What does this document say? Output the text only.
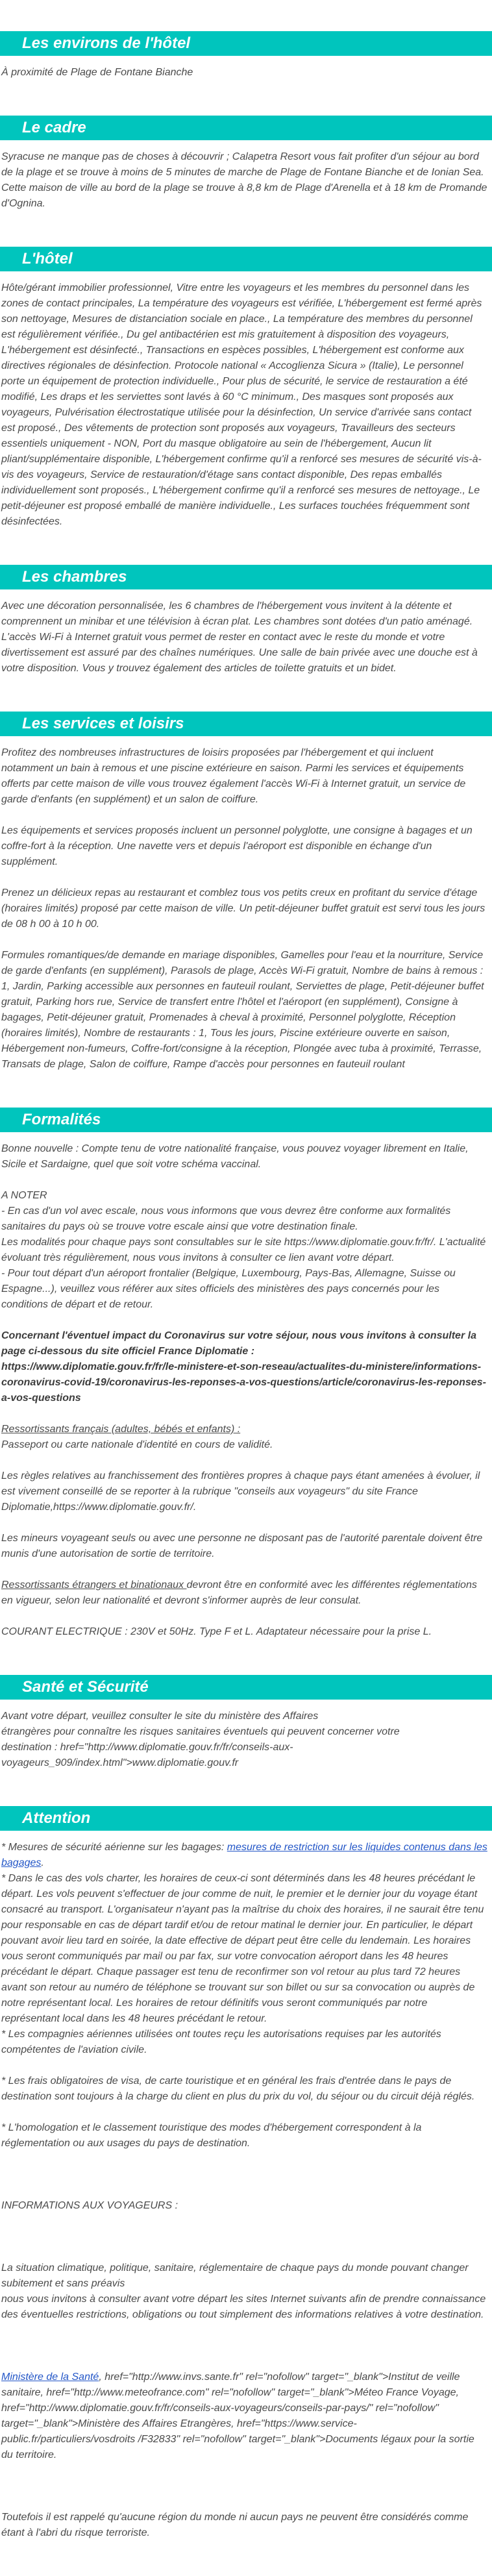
Les environs de l'hôtel

À proximité de Plage de Fontane Bianche

Le cadre

Syracuse ne manque pas de choses à découvrir ; Calapetra Resort vous fait profiter d'un séjour au bord de la plage et se trouve à moins de 5 minutes de marche de Plage de Fontane Bianche et de Ionian Sea. Cette maison de ville au bord de la plage se trouve à 8,8 km de Plage d'Arenella et à 18 km de Promande d'Ognina.

L'hôtel

Hôte/gérant immobilier professionnel, Vitre entre les voyageurs et les membres du personnel dans les zones de contact principales, La température des voyageurs est vérifiée, L'hébergement est fermé après son nettoyage, Mesures de distanciation sociale en place., La température des membres du personnel est régulièrement vérifiée., Du gel antibactérien est mis gratuitement à disposition des voyageurs, L'hébergement est désinfecté., Transactions en espèces possibles, L'hébergement est conforme aux directives régionales de désinfection. Protocole national « Accoglienza Sicura » (Italie), Le personnel porte un équipement de protection individuelle., Pour plus de sécurité, le service de restauration a été modifié, Les draps et les serviettes sont lavés à 60 °C minimum., Des masques sont proposés aux voyageurs, Pulvérisation électrostatique utilisée pour la désinfection, Un service d'arrivée sans contact est proposé., Des vêtements de protection sont proposés aux voyageurs, Travailleurs des secteurs essentiels uniquement - NON, Port du masque obligatoire au sein de l'hébergement, Aucun lit pliant/supplémentaire disponible, L'hébergement confirme qu'il a renforcé ses mesures de sécurité vis-à-vis des voyageurs, Service de restauration/d'étage sans contact disponible, Des repas emballés individuellement sont proposés., L'hébergement confirme qu'il a renforcé ses mesures de nettoyage., Le petit-déjeuner est proposé emballé de manière individuelle., Les surfaces touchées fréquemment sont désinfectées.

Les chambres

Avec une décoration personnalisée, les 6 chambres de l'hébergement vous invitent à la détente et comprennent un minibar et une télévision à écran plat. Les chambres sont dotées d'un patio aménagé. L'accès Wi-Fi à Internet gratuit vous permet de rester en contact avec le reste du monde et votre divertissement est assuré par des chaînes numériques. Une salle de bain privée avec une douche est à votre disposition. Vous y trouvez également des articles de toilette gratuits et un bidet.

Les services et loisirs

Profitez des nombreuses infrastructures de loisirs proposées par l'hébergement et qui incluent notamment un bain à remous et une piscine extérieure en saison. Parmi les services et équipements offerts par cette maison de ville vous trouvez également l'accès Wi-Fi à Internet gratuit, un service de garde d'enfants (en supplément) et un salon de coiffure.

Les équipements et services proposés incluent un personnel polyglotte, une consigne à bagages et un coffre-fort à la réception. Une navette vers et depuis l'aéroport est disponible en échange d'un supplément.

Prenez un délicieux repas au restaurant et comblez tous vos petits creux en profitant du service d'étage (horaires limités) proposé par cette maison de ville. Un petit-déjeuner buffet gratuit est servi tous les jours de 08 h 00 à 10 h 00.

Formules romantiques/de demande en mariage disponibles, Gamelles pour l'eau et la nourriture, Service de garde d'enfants (en supplément), Parasols de plage, Accès Wi-Fi gratuit, Nombre de bains à remous : 1, Jardin, Parking accessible aux personnes en fauteuil roulant, Serviettes de plage, Petit-déjeuner buffet gratuit, Parking hors rue, Service de transfert entre l'hôtel et l'aéroport (en supplément), Consigne à bagages, Petit-déjeuner gratuit, Promenades à cheval à proximité, Personnel polyglotte, Réception (horaires limités), Nombre de restaurants : 1, Tous les jours, Piscine extérieure ouverte en saison, Hébergement non-fumeurs, Coffre-fort/consigne à la réception, Plongée avec tuba à proximité, Terrasse, Transats de plage, Salon de coiffure, Rampe d'accès pour personnes en fauteuil roulant

Formalités

Bonne nouvelle : Compte tenu de votre nationalité française, vous pouvez voyager librement en Italie, Sicile et Sardaigne, quel que soit votre schéma vaccinal.

A NOTER

- En cas d'un vol avec escale, nous vous informons que vous devrez être conforme aux formalités sanitaires du pays où se trouve votre escale ainsi que votre destination finale.

Les modalités pour chaque pays sont consultables sur le site https://www.diplomatie.gouv.fr/fr/. L'actualité évoluant très régulièrement, nous vous invitons à consulter ce lien avant votre départ.

- Pour tout départ d'un aéroport frontalier (Belgique, Luxembourg, Pays-Bas, Allemagne, Suisse ou Espagne...), veuillez vous référer aux sites officiels des ministères des pays concernés pour les conditions de départ et de retour.

Concernant l'éventuel impact du Coronavirus sur votre séjour, nous vous invitons à consulter la page ci-dessous du site officiel France Diplomatie :

https://www.diplomatie.gouv.fr/fr/le-ministere-et-son-reseau/actualites-du-ministere/informations-coronavirus-covid-19/coronavirus-les-reponses-a-vos-questions/article/coronavirus-les-reponses-a-vos-questions

Ressortissants français (adultes, bébés et enfants) :

Passeport ou carte nationale d'identité en cours de validité.

Les règles relatives au franchissement des frontières propres à chaque pays étant amenées à évoluer, il est vivement conseillé de se reporter à la rubrique "conseils aux voyageurs" du site France Diplomatie,https://www.diplomatie.gouv.fr/.

Les mineurs voyageant seuls ou avec une personne ne disposant pas de l'autorité parentale doivent être munis d'une autorisation de sortie de territoire.

Ressortissants étrangers et binationaux devront être en conformité avec les différentes réglementations en vigueur, selon leur nationalité et devront s'informer auprès de leur consulat.

COURANT ELECTRIQUE : 230V et 50Hz. Type F et L. Adaptateur nécessaire pour la prise L.

Santé et Sécurité

Avant votre départ, veuillez consulter le site du ministère des Affaires

étrangères pour connaître les risques sanitaires éventuels qui peuvent concerner votre

destination : href="http://www.diplomatie.gouv.fr/fr/conseils-aux-voyageurs_909/index.html">www.diplomatie.gouv.fr

Attention

* Mesures de sécurité aérienne sur les bagages: mesures de restriction sur les liquides contenus dans les bagages.

* Dans le cas des vols charter, les horaires de ceux-ci sont déterminés dans les 48 heures précédant le départ. Les vols peuvent s'effectuer de jour comme de nuit, le premier et le dernier jour du voyage étant consacré au transport. L'organisateur n'ayant pas la maîtrise du choix des horaires, il ne saurait être tenu pour responsable en cas de départ tardif et/ou de retour matinal le dernier jour. En particulier, le départ pouvant avoir lieu tard en soirée, la date effective de départ peut être celle du lendemain. Les horaires vous seront communiqués par mail ou par fax, sur votre convocation aéroport dans les 48 heures précédant le départ. Chaque passager est tenu de reconfirmer son vol retour au plus tard 72 heures avant son retour au numéro de téléphone se trouvant sur son billet ou sur sa convocation ou auprès de notre représentant local. Les horaires de retour définitifs vous seront communiqués par notre représentant local dans les 48 heures précédant le retour.

* Les compagnies aériennes utilisées ont toutes reçu les autorisations requises par les autorités compétentes de l'aviation civile.

* Les frais obligatoires de visa, de carte touristique et en général les frais d'entrée dans le pays de destination sont toujours à la charge du client en plus du prix du vol, du séjour ou du circuit déjà réglés.

* L'homologation et le classement touristique des modes d'hébergement correspondent à la réglementation ou aux usages du pays de destination.

INFORMATIONS AUX VOYAGEURS :

La situation climatique, politique, sanitaire, réglementaire de chaque pays du monde pouvant changer subitement et sans préavis

nous vous invitons à consulter avant votre départ les sites Internet suivants afin de prendre connaissance des éventuelles restrictions, obligations ou tout simplement des informations relatives à votre destination.

Ministère de la Santé, href="http://www.invs.sante.fr" rel="nofollow" target="_blank">Institut de veille sanitaire, href="http://www.meteofrance.com" rel="nofollow" target="_blank">Méteo France Voyage, href="http://www.diplomatie.gouv.fr/fr/conseils-aux-voyageurs/conseils-par-pays/" rel="nofollow" target="_blank">Ministère des Affaires Etrangères, href="https://www.service-public.fr/particuliers/vosdroits /F32833" rel="nofollow" target="_blank">Documents légaux pour la sortie du territoire.

Toutefois il est rappelé qu'aucune région du monde ni aucun pays ne peuvent être considérés comme étant à l'abri du risque terroriste.
